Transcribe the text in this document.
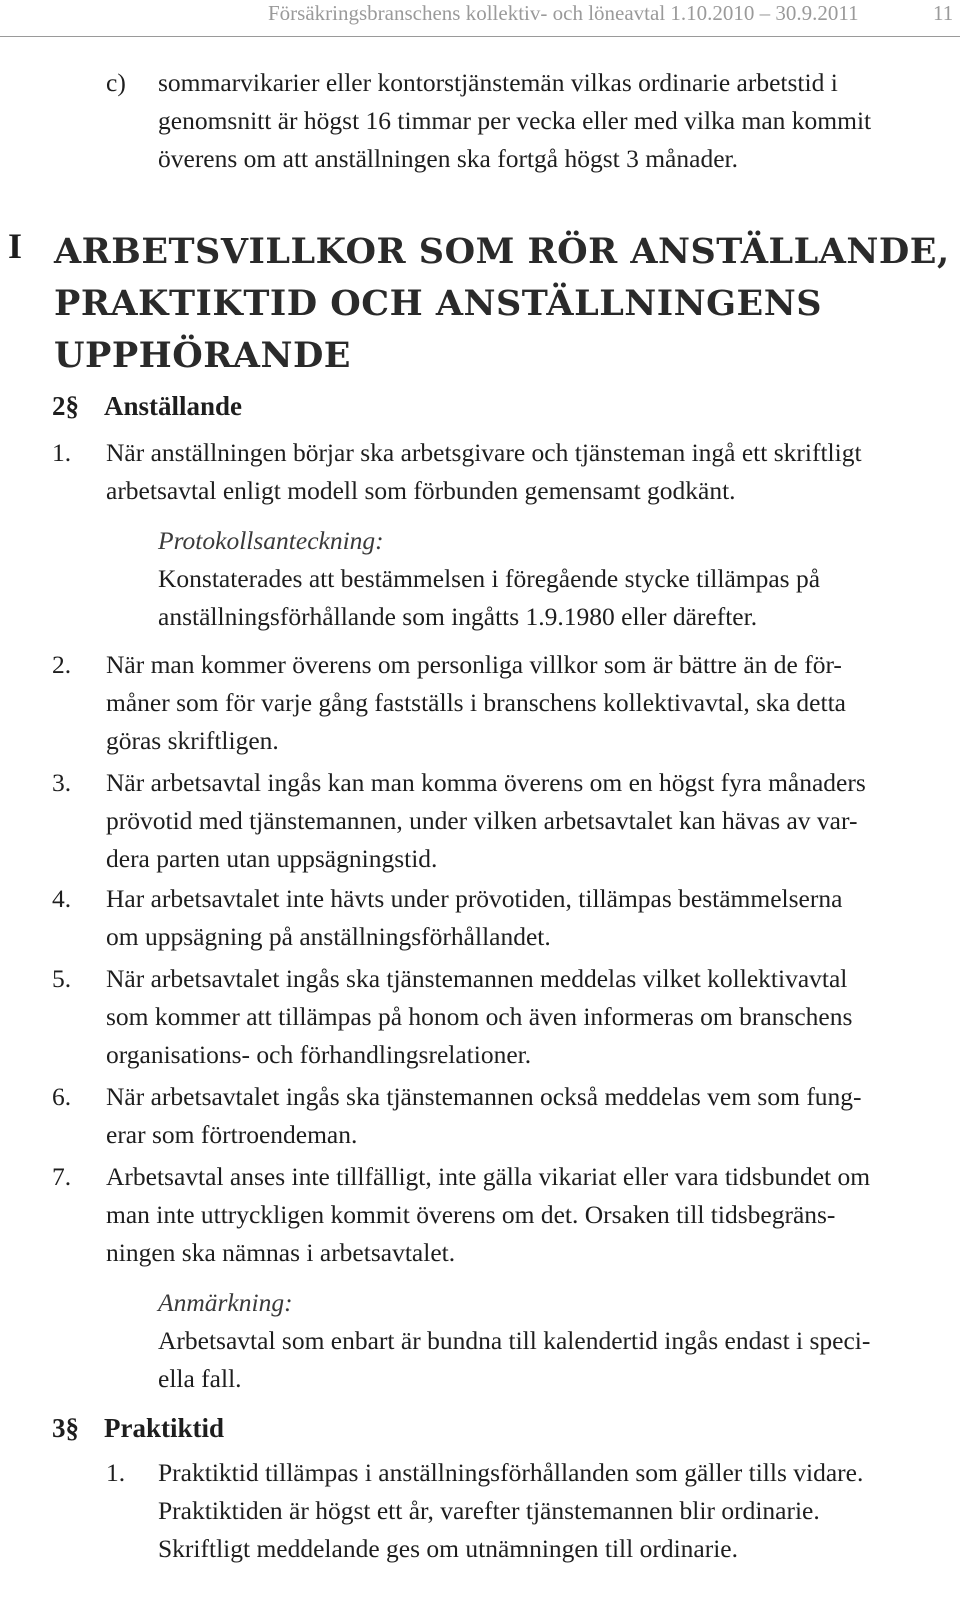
Försäkringsbranschens kollektiv- och löneavtal 1.10.2010 – 30.9.2011	11
c) sommarvikarier eller kontorstjänstemän vilkas ordinarie arbetstid i
genomsnitt är högst 16 timmar per vecka eller med vilka man kommit
överens om att anställningen ska fortgå högst 3 månader.
I ARBETSVILLKOR SOM RÖR ANSTÄLLANDE,
PRAKTIKTID OCH ANSTÄLLNINGENS
UPPHÖRANDE
2§ Anställande
1. När anställningen börjar ska arbetsgivare och tjänsteman ingå ett skriftligt
arbetsavtal enligt modell som förbunden gemensamt godkänt.
Protokollsanteckning:
Konstaterades att bestämmelsen i föregående stycke tillämpas på
anställningsförhållande som ingåtts 1.9.1980 eller därefter.
2. När man kommer överens om personliga villkor som är bättre än de för-
måner som för varje gång fastställs i branschens kollektivavtal, ska detta
göras skriftligen.
3. När arbetsavtal ingås kan man komma överens om en högst fyra månaders
prövotid med tjänstemannen, under vilken arbetsavtalet kan hävas av var-
dera parten utan uppsägningstid.
4. Har arbetsavtalet inte hävts under prövotiden, tillämpas bestämmelserna
om uppsägning på anställningsförhållandet.
5. När arbetsavtalet ingås ska tjänstemannen meddelas vilket kollektivavtal
som kommer att tillämpas på honom och även informeras om branschens
organisations- och förhandlingsrelationer.
6. När arbetsavtalet ingås ska tjänstemannen också meddelas vem som fung-
erar som förtroendeman.
7. Arbetsavtal anses inte tillfälligt, inte gälla vikariat eller vara tidsbundet om
man inte uttryckligen kommit överens om det. Orsaken till tidsbegräns-
ningen ska nämnas i arbetsavtalet.
Anmärkning:
Arbetsavtal som enbart är bundna till kalendertid ingås endast i speci-
ella fall.
3§ Praktiktid
1. Praktiktid tillämpas i anställningsförhållanden som gäller tills vidare.
Praktiktiden är högst ett år, varefter tjänstemannen blir ordinarie.
Skriftligt meddelande ges om utnämningen till ordinarie.
